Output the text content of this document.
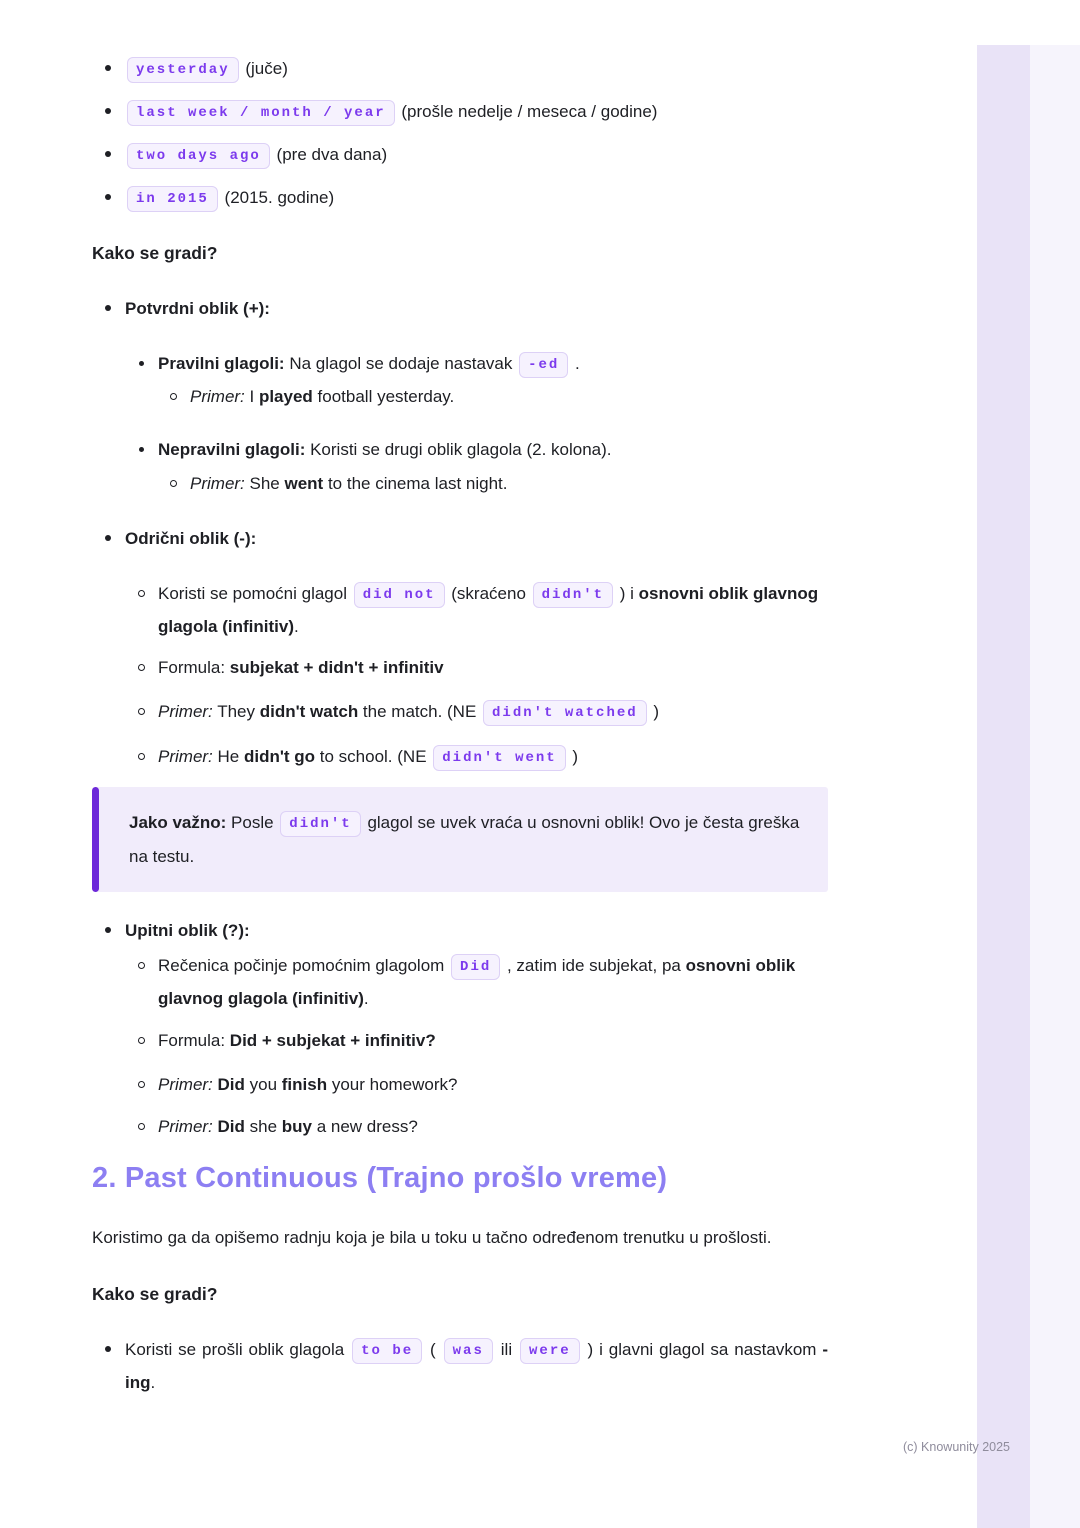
(c) Knowunity 2025
yesterday (juče)
last week / month / year (prošle nedelje / meseca / godine)
two days ago (pre dva dana)
in 2015 (2015. godine)
Kako se gradi?
Potvrdni oblik (+):
Pravilni glagoli: Na glagol se dodaje nastavak -ed .
Primer: I played football yesterday.
Nepravilni glagoli: Koristi se drugi oblik glagola (2. kolona).
Primer: She went to the cinema last night.
Odrični oblik (-):
Koristi se pomoćni glagol did not (skraćeno didn't ) i osnovni oblik glavnog glagola (infinitiv).
Formula: subjekat + didn't + infinitiv
Primer: They didn't watch the match. (NE didn't watched )
Primer: He didn't go to school. (NE didn't went )
Jako važno: Posle didn't glagol se uvek vraća u osnovni oblik! Ovo je česta greška na testu.
Upitni oblik (?):
Rečenica počinje pomoćnim glagolom Did , zatim ide subjekat, pa osnovni oblik glavnog glagola (infinitiv).
Formula: Did + subjekat + infinitiv?
Primer: Did you finish your homework?
Primer: Did she buy a new dress?
2. Past Continuous (Trajno prošlo vreme)

Koristimo ga da opišemo radnju koja je bila u toku u tačno određenom trenutku u prošlosti.

Kako se gradi?
Koristi se prošli oblik glagola to be ( was ili were ) i glavni glagol sa nastavkom -ing.
